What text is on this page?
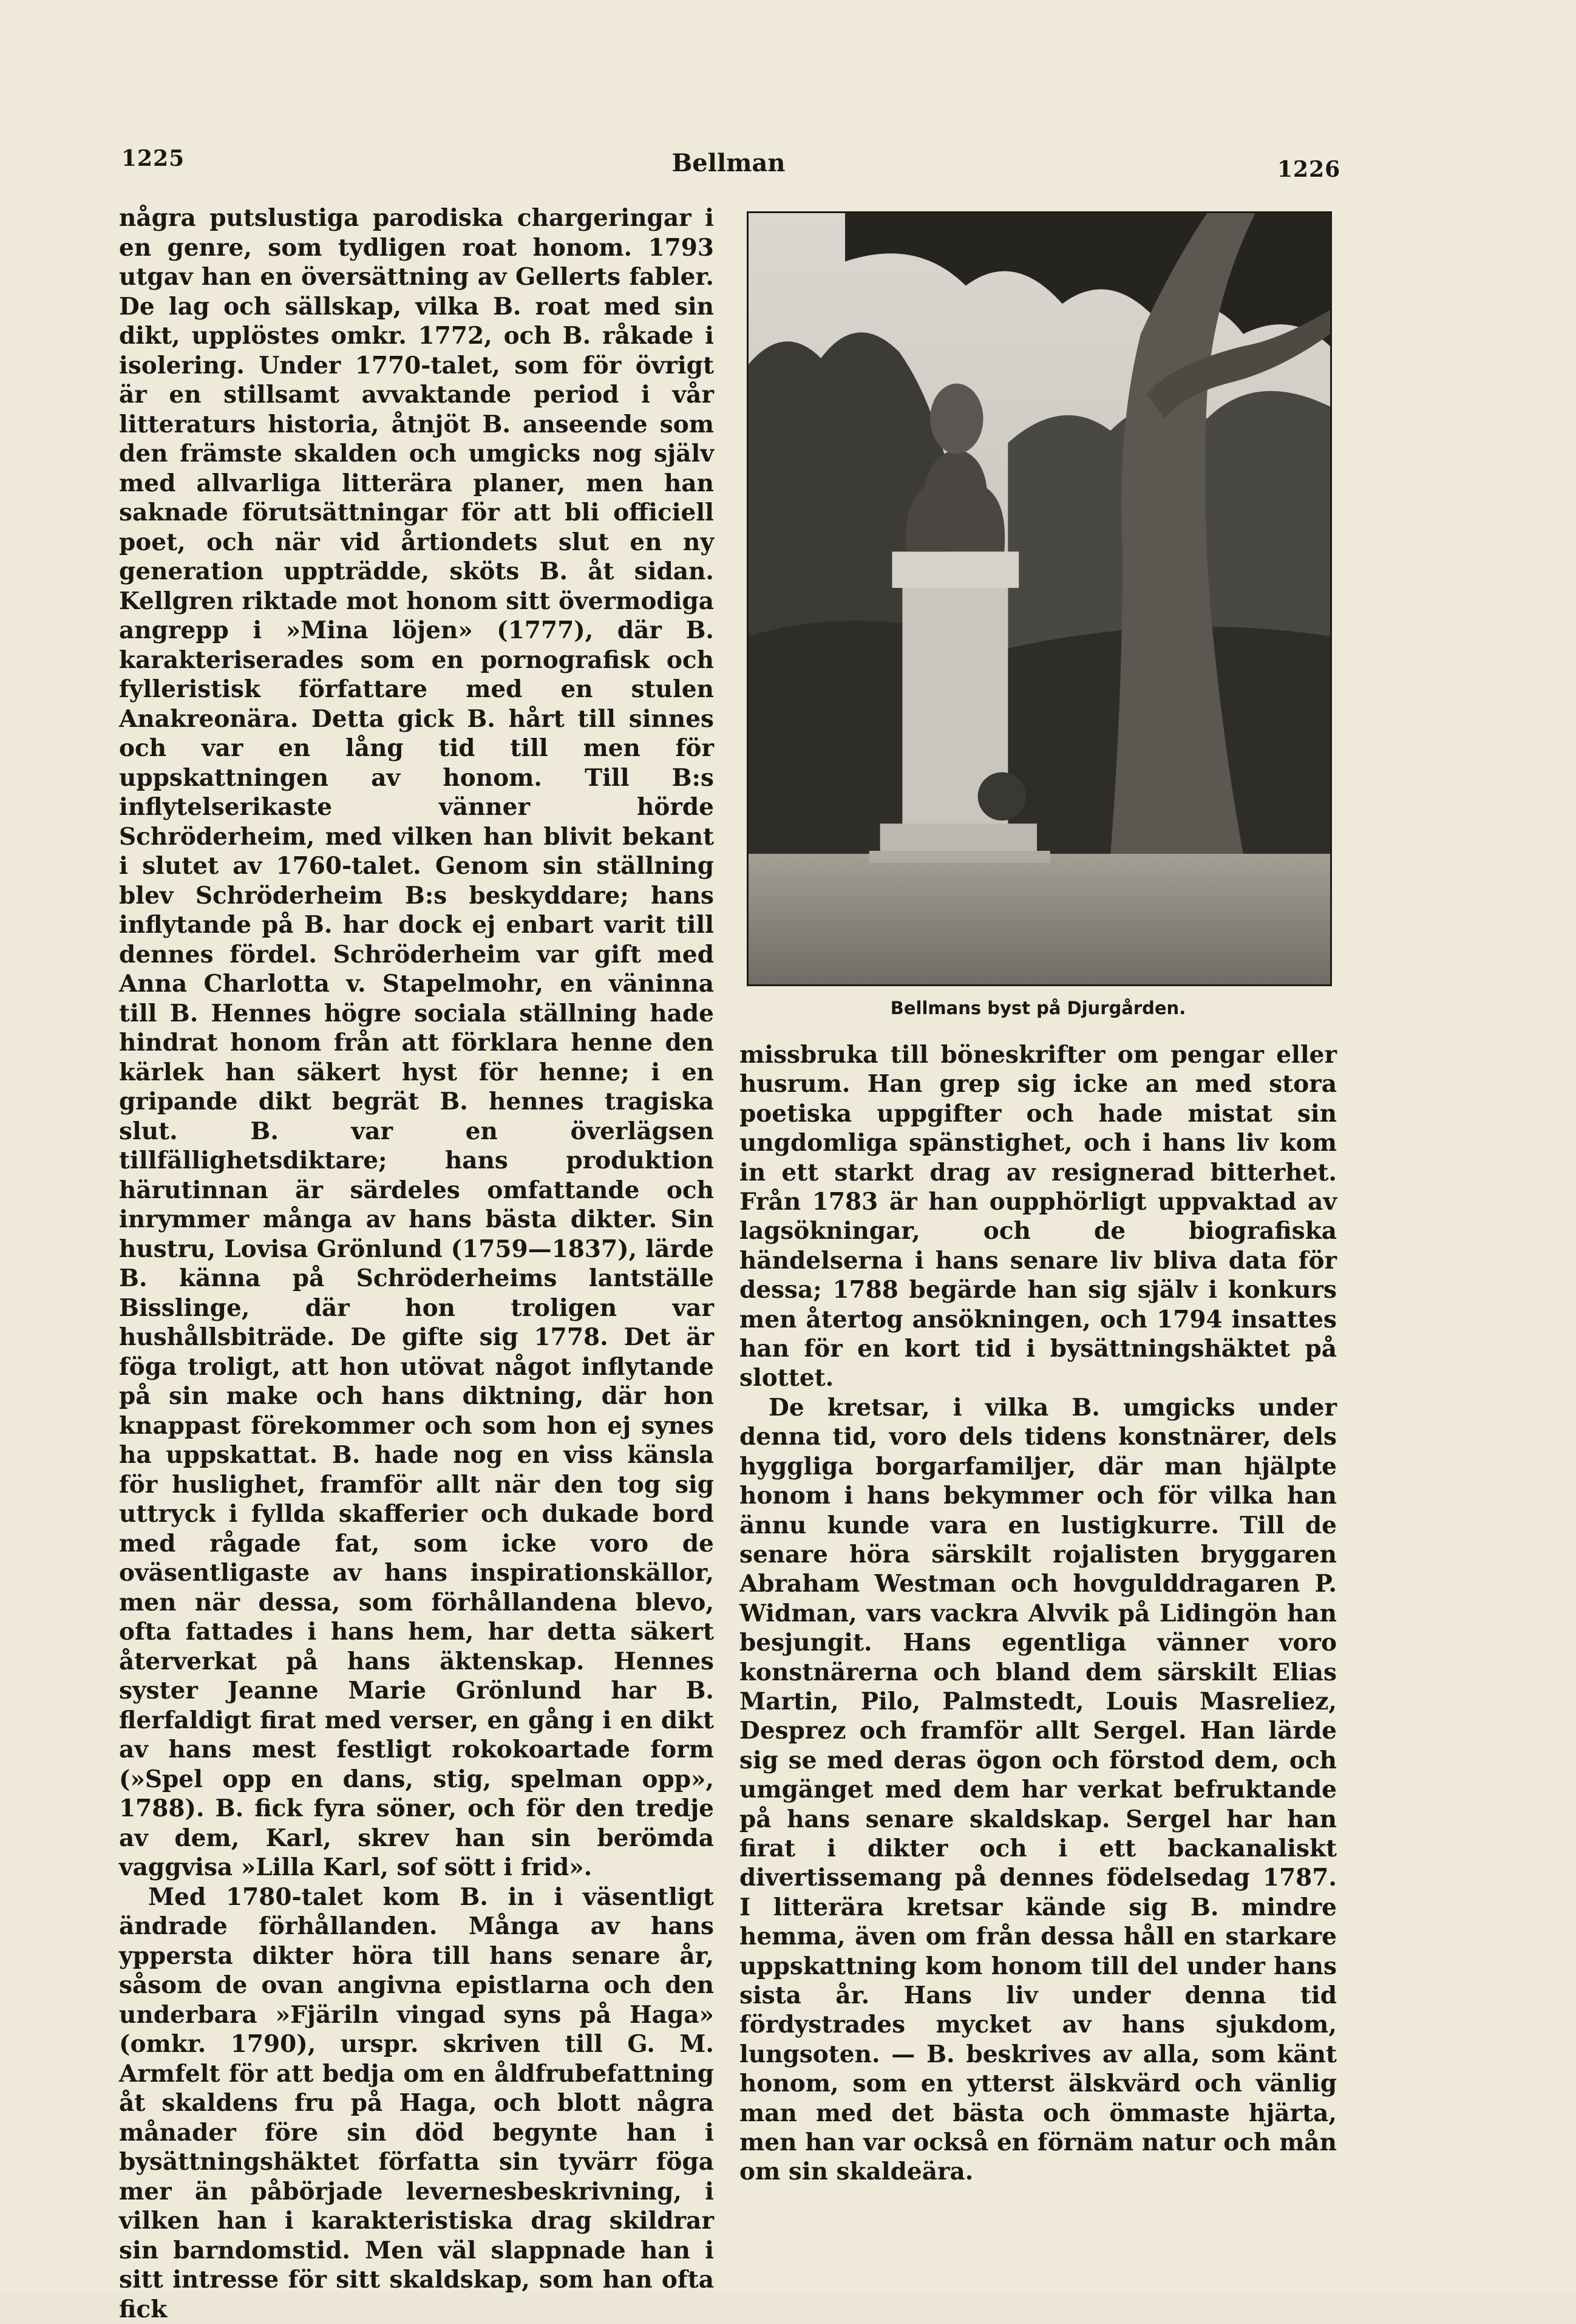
1225	Bellman	1226

några putslustiga parodiska chargeringar i en genre, som tydligen roat honom. 1793 utgav han en översättning av Gellerts fabler. De lag och sällskap, vilka B. roat med sin dikt, upplöstes omkr. 1772, och B. råkade i isolering. Under 1770-talet, som för övrigt är en stillsamt avvaktande period i vår litteraturs historia, åtnjöt B. anseende som den främste skalden och umgicks nog själv med allvarliga litterära planer, men han saknade förutsättningar för att bli officiell poet, och när vid årtiondets slut en ny generation uppträdde, sköts B. åt sidan. Kellgren riktade mot honom sitt övermodiga angrepp i »Mina löjen» (1777), där B. karakteriserades som en pornografisk och fylleristisk författare med en stulen Anakreonära. Detta gick B. hårt till sinnes och var en lång tid till men för uppskattningen av honom. Till B:s inflytelserikaste vänner hörde Schröderheim, med vilken han blivit bekant i slutet av 1760-talet. Genom sin ställning blev Schröderheim B:s beskyddare; hans inflytande på B. har dock ej enbart varit till dennes fördel. Schröderheim var gift med Anna Charlotta v. Stapelmohr, en väninna till B. Hennes högre sociala ställning hade hindrat honom från att förklara henne den kärlek han säkert hyst för henne; i en gripande dikt begrät B. hennes tragiska slut. B. var en överlägsen tillfällighetsdiktare; hans produktion härutinnan är särdeles omfattande och inrymmer många av hans bästa dikter. Sin hustru, Lovisa Grönlund (1759—1837), lärde B. känna på Schröderheims lantställe Bisslinge, där hon troligen var hushållsbiträde. De gifte sig 1778. Det är föga troligt, att hon utövat något inflytande på sin make och hans diktning, där hon knappast förekommer och som hon ej synes ha uppskattat. B. hade nog en viss känsla för huslighet, framför allt när den tog sig uttryck i fyllda skafferier och dukade bord med rågade fat, som icke voro de oväsentligaste av hans inspirationskällor, men när dessa, som förhållandena blevo, ofta fattades i hans hem, har detta säkert återverkat på hans äktenskap. Hennes syster Jeanne Marie Grönlund har B. flerfaldigt firat med verser, en gång i en dikt av hans mest festligt rokokoartade form (»Spel opp en dans, stig, spelman opp», 1788). B. fick fyra söner, och för den tredje av dem, Karl, skrev han sin berömda vaggvisa »Lilla Karl, sof sött i frid».

Med 1780-talet kom B. in i väsentligt ändrade förhållanden. Många av hans yppersta dikter höra till hans senare år, såsom de ovan angivna epistlarna och den underbara »Fjäriln vingad syns på Haga» (omkr. 1790), urspr. skriven till G. M. Armfelt för att bedja om en åldfrubefattning åt skaldens fru på Haga, och blott några månader före sin död begynte han i bysättningshäktet författa sin tyvärr föga mer än påbörjade levernesbeskrivning, i vilken han i karakteristiska drag skildrar sin barndomstid. Men väl slappnade han i sitt intresse för sitt skaldskap, som han ofta fick

Bellmans byst på Djurgården.

missbruka till böneskrifter om pengar eller husrum. Han grep sig icke an med stora poetiska uppgifter och hade mistat sin ungdomliga spänstighet, och i hans liv kom in ett starkt drag av resignerad bitterhet. Från 1783 är han oupphörligt uppvaktad av lagsökningar, och de biografiska händelserna i hans senare liv bliva data för dessa; 1788 begärde han sig själv i konkurs men återtog ansökningen, och 1794 insattes han för en kort tid i bysättningshäktet på slottet.

De kretsar, i vilka B. umgicks under denna tid, voro dels tidens konstnärer, dels hyggliga borgarfamiljer, där man hjälpte honom i hans bekymmer och för vilka han ännu kunde vara en lustigkurre. Till de senare höra särskilt rojalisten bryggaren Abraham Westman och hovgulddragaren P. Widman, vars vackra Alvvik på Lidingön han besjungit. Hans egentliga vänner voro konstnärerna och bland dem särskilt Elias Martin, Pilo, Palmstedt, Louis Masreliez, Desprez och framför allt Sergel. Han lärde sig se med deras ögon och förstod dem, och umgänget med dem har verkat befruktande på hans senare skaldskap. Sergel har han firat i dikter och i ett backanaliskt divertissemang på dennes födelsedag 1787. I litterära kretsar kände sig B. mindre hemma, även om från dessa håll en starkare uppskattning kom honom till del under hans sista år. Hans liv under denna tid fördystrades mycket av hans sjukdom, lungsoten. — B. beskrives av alla, som känt honom, som en ytterst älskvärd och vänlig man med det bästa och ömmaste hjärta, men han var också en förnäm natur och mån om sin skaldeära.
